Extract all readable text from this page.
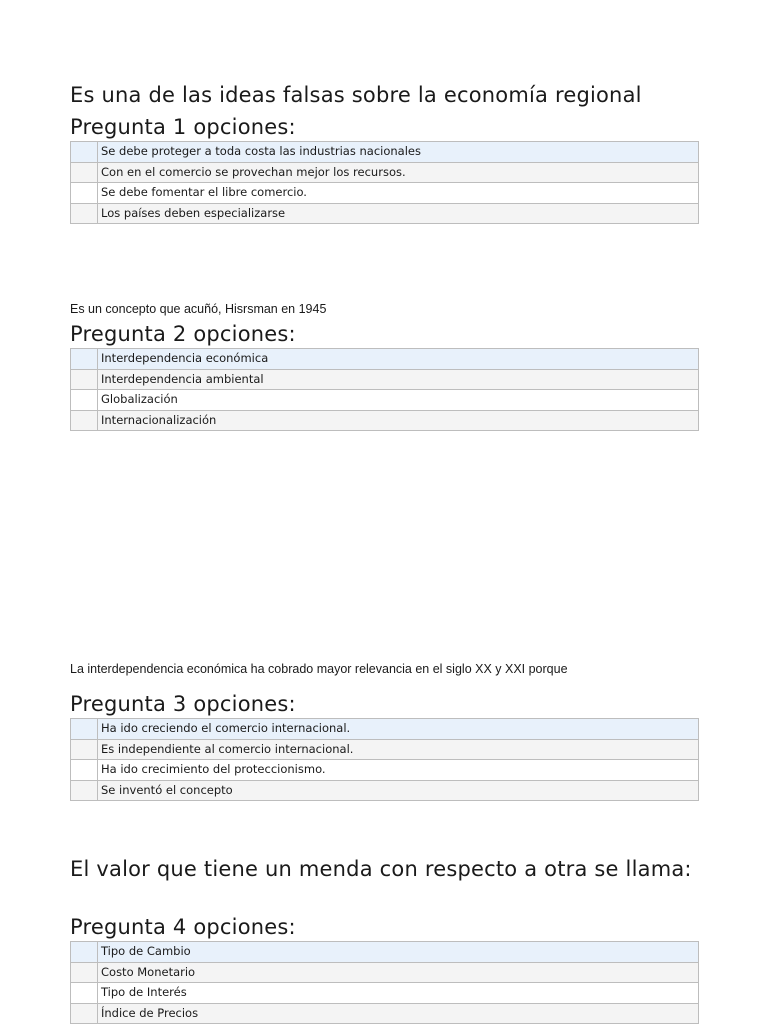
Es una de las ideas falsas sobre la economía regional
Pregunta 1 opciones:
	Se debe proteger a toda costa las industrias nacionales
	Con en el comercio se provechan mejor los recursos.
	Se debe fomentar el libre comercio.
	Los países deben especializarse
Es un concepto que acuñó, Hisrsman en 1945
Pregunta 2 opciones:
	Interdependencia económica
	Interdependencia ambiental
	Globalización
	Internacionalización
La interdependencia económica ha cobrado mayor relevancia en el siglo XX y XXI porque
Pregunta 3 opciones:
	Ha ido creciendo el comercio internacional.
	Es independiente al comercio internacional.
	Ha ido crecimiento del proteccionismo.
	Se inventó el concepto
El valor que tiene un menda con respecto a otra se llama:
Pregunta 4 opciones:
	Tipo de Cambio
	Costo Monetario
	Tipo de Interés
	Índice de Precios
